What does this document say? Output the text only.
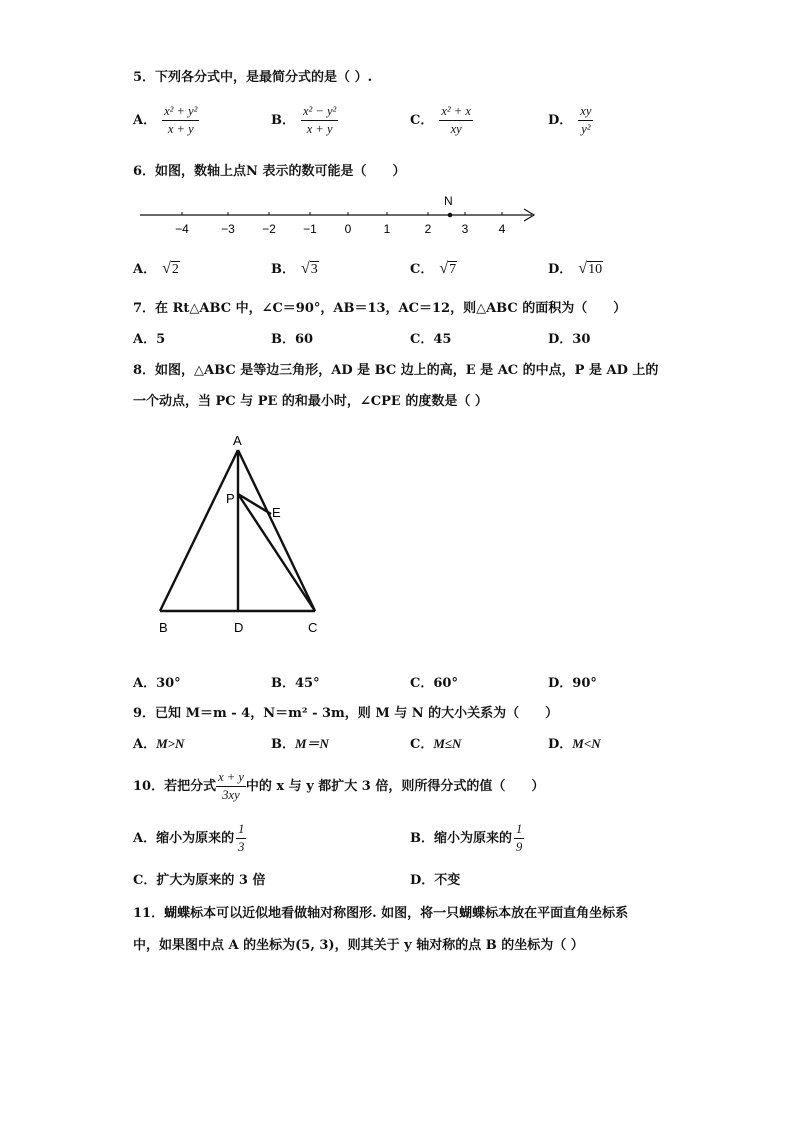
5．下列各分式中，是最简分式的是（ ）.
A． $\frac{\text{x² + y²}}{x + y}$	B． $\frac{\text{x² − y²}}{x + y}$	C． $\frac{\text{x² + x}}{xy}$	D． $\frac{xy}{\text{y²}}$
6．如图，数轴上点N 表示的数可能是（　　）
−4	−3 −2 −1 0	1	2	3	4
N
A． √2	B． √3	C． √7	D． √10
7．在 Rt△ABC 中，∠C＝90°，AB＝13，AC＝12，则△ABC 的面积为（　　）
A．5	B．60	C．45	D．30
8．如图，△ABC 是等边三角形，AD 是 BC 边上的高，E 是 AC 的中点，P 是 AD 上的
一个动点，当 PC 与 PE 的和最小时，∠CPE 的度数是（ ）
A
P
E
B	D	C
A．30°	B．45°	C．60°	D．90°
9．已知 M＝m - 4，N＝m² - 3m，则 M 与 N 的大小关系为（　　）
A．M>N	B．M＝N	C．M≤N	D．M<N
10．若把分式 $\frac{x + y}{3xy}$ 中的 x 与 y 都扩大 3 倍，则所得分式的值（　　）
A．缩小为原来的 $\frac{1}{3}$	B．缩小为原来的 $\frac{1}{9}$
C．扩大为原来的 3 倍	D．不变
11．蝴蝶标本可以近似地看做轴对称图形. 如图，将一只蝴蝶标本放在平面直角坐标系
中，如果图中点 A 的坐标为(5, 3)，则其关于 y 轴对称的点 B 的坐标为（ ）
